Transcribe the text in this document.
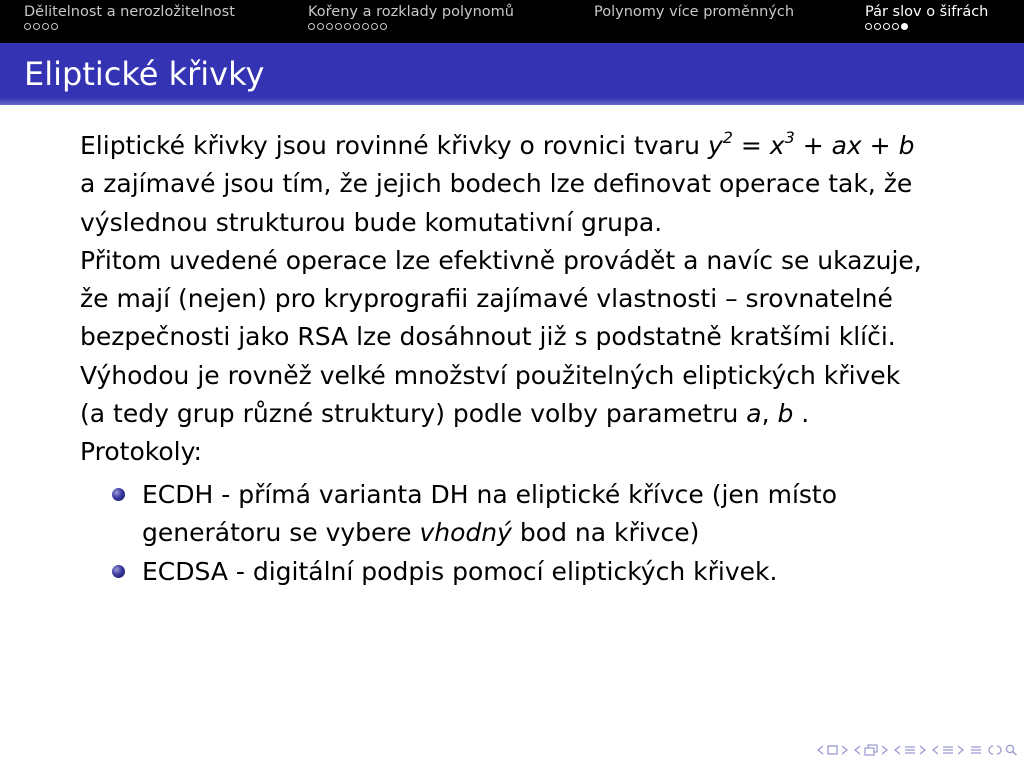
Dělitelnost a nerozložitelnost	Kořeny a rozklady polynomů	Polynomy více proměnných	Pár slov o šifrách
Eliptické křivky
Eliptické křivky jsou rovinné křivky o rovnici tvaru $y^2 = x^3$ + ax + b
a zajímavé jsou tím, že jejich bodech lze definovat operace tak, že
výslednou strukturou bude komutativní grupa.
Přitom uvedené operace lze efektivně provádět a navíc se ukazuje,
že mají (nejen) pro kryprografii zajímavé vlastnosti – srovnatelné
bezpečnosti jako RSA lze dosáhnout již s podstatně kratšími klíči.
Výhodou je rovněž velké množství použitelných eliptických křivek
(a tedy grup různé struktury) podle volby parametru a, b .
Protokoly:
ECDH - přímá varianta DH na eliptické křívce (jen místo
generátoru se vybere vhodný bod na křivce)
ECDSA - digitální podpis pomocí eliptických křivek.
